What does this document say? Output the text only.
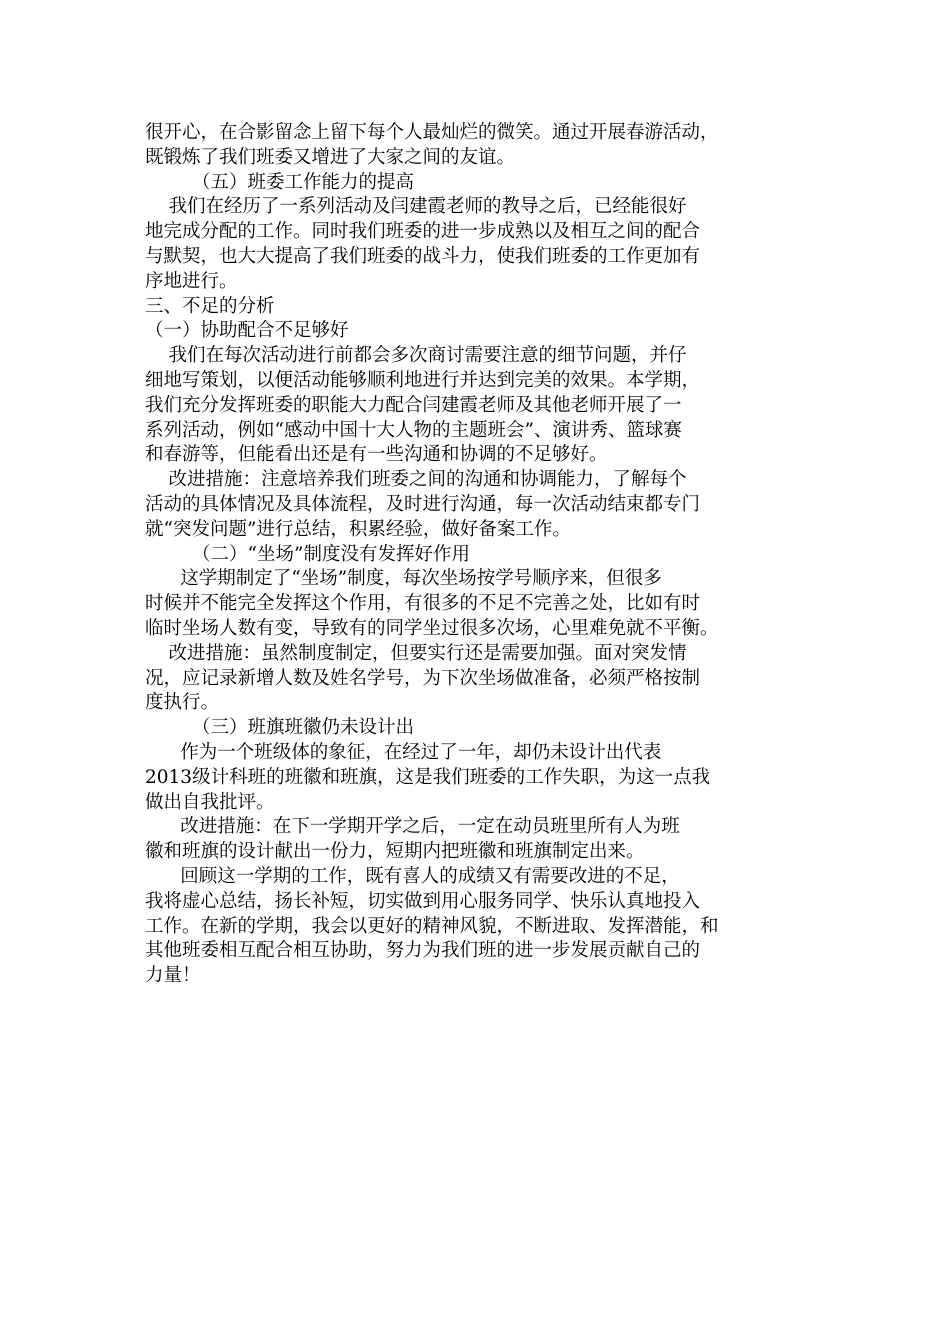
很开心，在合影留念上留下每个人最灿烂的微笑。通过开展春游活动，
既锻炼了我们班委又增进了大家之间的友谊。
（五）班委工作能力的提高
我们在经历了一系列活动及闫建霞老师的教导之后，已经能很好
地完成分配的工作。同时我们班委的进一步成熟以及相互之间的配合
与默契，也大大提高了我们班委的战斗力，使我们班委的工作更加有
序地进行。
三、不足的分析
（一）协助配合不足够好
我们在每次活动进行前都会多次商讨需要注意的细节问题，并仔
细地写策划，以便活动能够顺利地进行并达到完美的效果。本学期，
我们充分发挥班委的职能大力配合闫建霞老师及其他老师开展了一
系列活动，例如“感动中国十大人物的主题班会”、演讲秀、篮球赛
和春游等，但能看出还是有一些沟通和协调的不足够好。
改进措施：注意培养我们班委之间的沟通和协调能力，了解每个
活动的具体情况及具体流程，及时进行沟通，每一次活动结束都专门
就“突发问题”进行总结，积累经验，做好备案工作。
（二）“坐场”制度没有发挥好作用
这学期制定了“坐场”制度，每次坐场按学号顺序来，但很多
时候并不能完全发挥这个作用，有很多的不足不完善之处，比如有时
临时坐场人数有变，导致有的同学坐过很多次场，心里难免就不平衡。
改进措施：虽然制度制定，但要实行还是需要加强。面对突发情
况，应记录新增人数及姓名学号，为下次坐场做准备，必须严格按制
度执行。
（三）班旗班徽仍未设计出
作为一个班级体的象征，在经过了一年，却仍未设计出代表
2013级计科班的班徽和班旗，这是我们班委的工作失职，为这一点我
做出自我批评。
改进措施：在下一学期开学之后，一定在动员班里所有人为班
徽和班旗的设计献出一份力，短期内把班徽和班旗制定出来。
回顾这一学期的工作，既有喜人的成绩又有需要改进的不足，
我将虚心总结，扬长补短，切实做到用心服务同学、快乐认真地投入
工作。在新的学期，我会以更好的精神风貌，不断进取、发挥潜能，和
其他班委相互配合相互协助，努力为我们班的进一步发展贡献自己的
力量！
